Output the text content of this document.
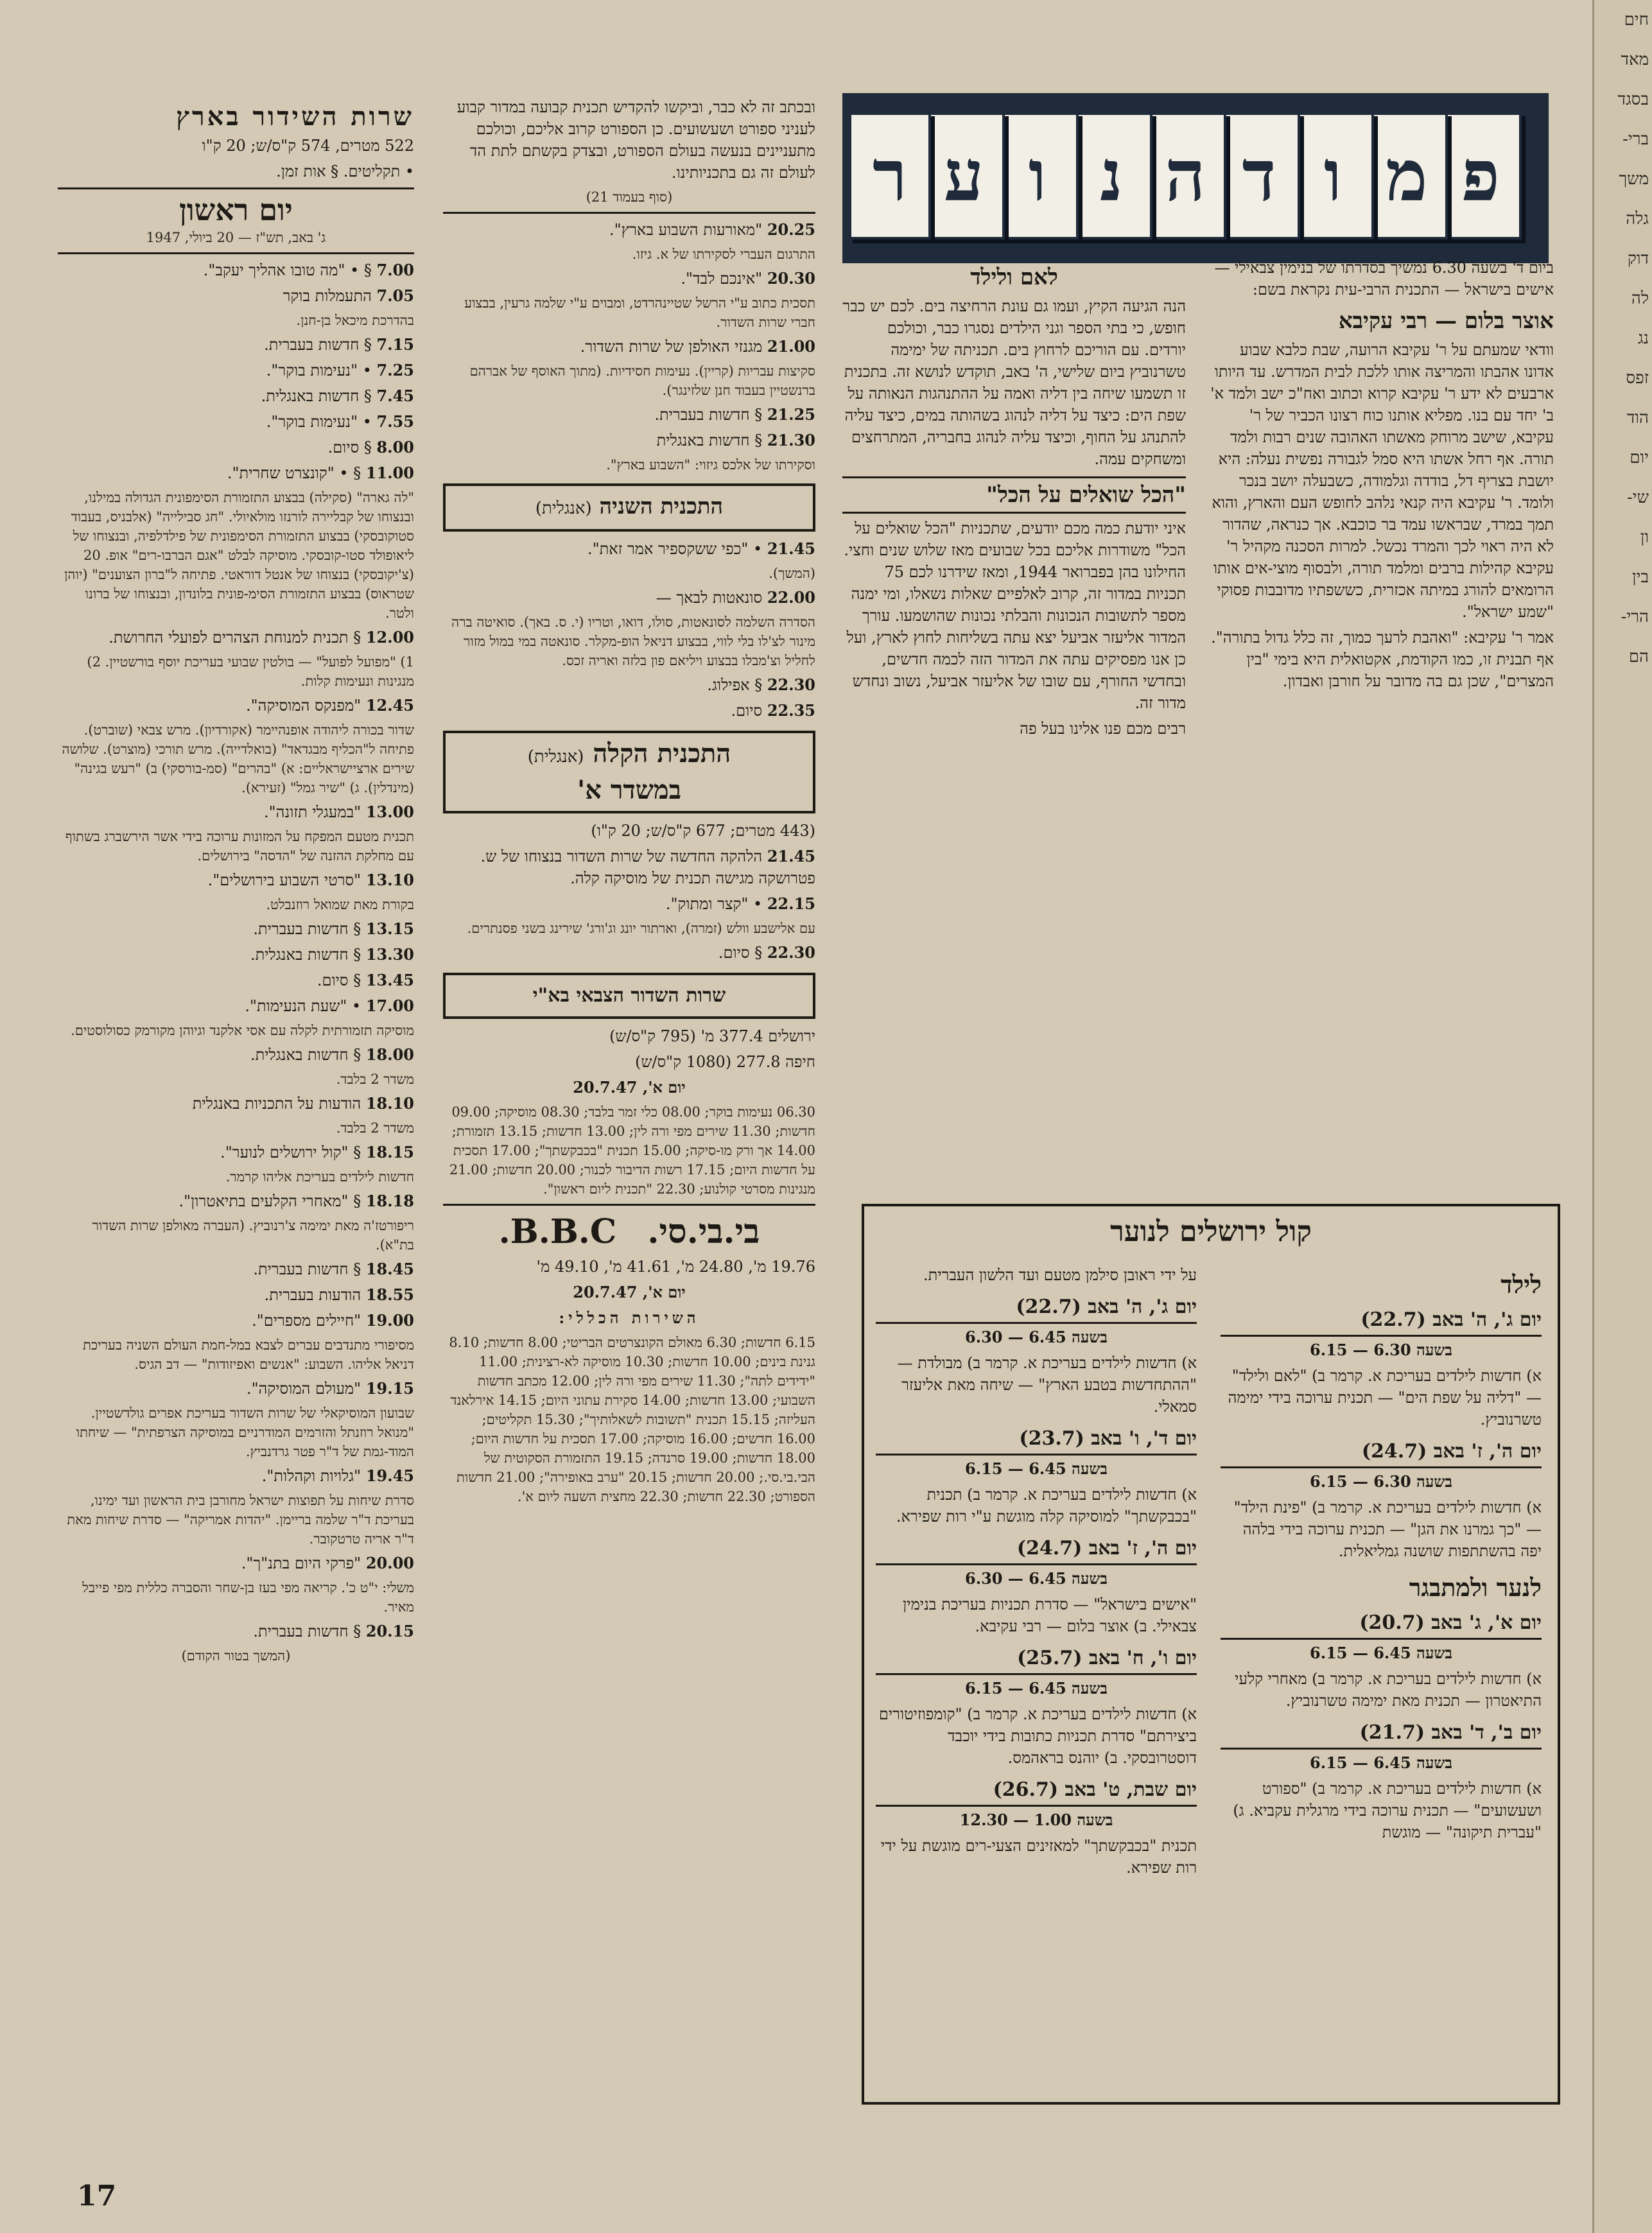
פ
מ
ו
ד
ה
נ
ו
ע
ר
שרות השידור בארץ

522 מטרים, 574 ק"ס/ש; 20 ק"ו

• תקליטים. § אות זמן.

יום ראשון

ג' באב, תש"ז — 20 ביולי, 1947

7.00 § • "מה טובו אהליך יעקב".

7.05 התעמלות בוקר

בהדרכת מיכאל בן-חנן.

7.15 § חדשות בעברית.

7.25 • "נעימות בוקר".

7.45 § חדשות באנגלית.

7.55 • "נעימות בוקר".

8.00 § סיום.

11.00 § • "קונצרט שחרית".

"לה גארה" (סקילה) בבצוע התזמורת הסימפונית הגדולה במילנו, ובנצוחו של קבליירה לורנזו מולאיולי. "חג סבילייה" (אלבניס, בעבוד סטוקובסקי) בבצוע התזמורת הסימפונית של פילדלפיה, ובנצוחו של ליאופולד סטו-קובסקי. מוסיקה לבלט "אגם הברבו-רים" אופ. 20 (צ'יקובסקי) בנצוחו של אנטל דוראטי. פתיחה ל"ברון הצוענים" (יוהן שטראוס) בבצוע התזמורת הסימ-פונית בלונדון, ובנצוחו של ברונו ולטר.

12.00 § תכנית למנוחת הצהרים לפועלי החרושת.

1) "מפועל לפועל" — בולטין שבועי בעריכת יוסף בורשטיין. 2) מנגינות ונעימות קלות.

12.45 "מפנקס המוסיקה".

שדור בכורה ליהודה אופנהיימר (אקורדיון). מרש צבאי (שוברט). פתיחה ל"הכליף מבגדאד" (בואלדייה). מרש תורכי (מוצרט). שלושה שירים ארציישראליים: א) "בהרים" (סמ-בורסקי) ב) "רעש בגינה" (מינדלין). ג) "שיר גמל" (זעירא).

13.00 "במעגלי תזונה".

תכנית מטעם המפקח על המזונות ערוכה בידי אשר הירשברג בשתוף עם מחלקת ההזנה של "הדסה" בירושלים.

13.10 "סרטי השבוע בירושלים".

בקורת מאת שמואל רוזנבלט.

13.15 § חדשות בעברית.

13.30 § חדשות באנגלית.

13.45 § סיום.

17.00 • "שעת הנעימות".

מוסיקה תזמורתית לקלה עם אסי אלקנד וגיוהן מקורמק כסולוסטים.

18.00 § חדשות באנגלית.

משדר 2 בלבד.

18.10 הודעות על התכניות באנגלית

משדר 2 בלבד.

18.15 § "קול ירושלים לנוער".

חדשות לילדים בעריכת אליהו קרמר.

18.18 § "מאחרי הקלעים בתיאטרון".

ריפורטז'ה מאת ימימה צ'רנוביץ. (העברה מאולפן שרות השדור בת"א).

18.45 § חדשות בעברית.

18.55 הודעות בעברית.

19.00 "חיילים מספרים".

מסיפורי מתנדבים עברים לצבא במל-חמת העולם השניה בעריכת דניאל אליהו. השבוע: "אנשים ואפיזודות" — דב הגיס.

19.15 "מעולם המוסיקה".

שבועון המוסיקאלי של שרות השדור בעריכת אפרים גולדשטיין. "מנואל רוזנתל והזרמים המודרניים במוסיקה הצרפתית" — שיחתו המוד-גמת של ד"ר פטר גרדנביץ.

19.45 "גלויות וקהלות".

סדרת שיחות על תפוצות ישראל מחורבן בית הראשון ועד ימינו, בעריכת ד"ר שלמה בריימן. "יהדות אמריקה" — סדרת שיחות מאת ד"ר אריה טרטקובר.

20.00 "פרקי היום בתנ"ך".

משלי: י"ט כ'. קריאה מפי בעז בן-שחר והסברה כללית מפי פייבל מאיר.

20.15 § חדשות בעברית.

(המשך בטור הקודם)

ובכתב זה לא כבר, וביקשו להקדיש תכנית קבועה במדור קבוע לעניני ספורט ושעשועים. כן הספורט קרוב אליכם, וכולכם מתעניינים בנעשה בעולם הספורט, ובצדק בקשתם לתת הד לעולם זה גם בתכניותינו.

(סוף בעמוד 21)

20.25 "מאורעות השבוע בארץ".

התרגום העברי לסקירתו של א. גיזו.

20.30 "אינכם לבד".

תסכית כתוב ע"י הרשל שטיינהרדט, ומבוים ע"י שלמה גרעין, בבצוע חברי שרות השדור.

21.00 מגנזי האולפן של שרות השדור.

סקיצות עבריות (קריין). נעימות חסידיות. (מתוך האוסף של אברהם ברנשטיין בעבוד חנן שלזינגר).

21.25 § חדשות בעברית.

21.30 § חדשות באנגלית

וסקירתו של אלכס גיזוי: "השבוע בארץ".

התכנית השניה (אנגלית)

21.45 • "כפי ששקספיר אמר זאת".

(המשך).

22.00 סונאטות לבאך —

הסדרה השלמה לסונאטות, סולו, דואו, וטריו (י. ס. באך). סואיטה ברה מינור לצ'לו בלי לווי, בבצוע דניאל הופ-מקלר. סונאטה במי במול מזור לחליל וצ'מבלו בבצוע ויליאם פון בלזה ואריה זכס.

22.30 § אפילוג.

22.35 סיום.

התכנית הקלה (אנגלית)
במשדר א'

(443 מטרים; 677 ק"ס/ש; 20 ק"ו)

21.45 הלהקה החדשה של שרות השדור בנצוחו של ש. פטרושקה מגישה תכנית של מוסיקה קלה.

22.15 • "קצר ומתוק".

עם אלישבע וולש (זמרה), וארתור יונג וג'ורג' שירינג בשני פסנתרים.

22.30 § סיום.

שרות השדור הצבאי בא"י

ירושלים 377.4 מ' (795 ק"ס/ש)

חיפה 277.8 (1080 ק"ס/ש)

יום א', 20.7.47

06.30 נעימות בוקר; 08.00 כלי זמר בלבד; 08.30 מוסיקה; 09.00 חדשות; 11.30 שירים מפי ורה לין; 13.00 חדשות; 13.15 תזמורת; 14.00 אך ורק מו-סיקה; 15.00 תכנית "בכבקשתך"; 17.00 תסכית על חדשות היום; 17.15 רשות הדיבור לכנור; 20.00 חדשות; 21.00 מנגינות מסרטי קולנוע; 22.30 "תכנית ליום ראשון".

בי.בי.סי. B.B.C.

19.76 מ', 24.80 מ', 41.61 מ', 49.10 מ'

יום א', 20.7.47

השירות הכללי:

6.15 חדשות; 6.30 מאולם הקונצרטים הבריטי; 8.00 חדשות; 8.10 גנינת בינים; 10.00 חדשות; 10.30 מוסיקה לא-רצינית; 11.00 "ידידים לתה"; 11.30 שירים מפי ורה לין; 12.00 מכתב חדשות השבועי; 13.00 חדשות; 14.00 סקירת עתוני היום; 14.15 אירלאנד העליזה; 15.15 תכנית "תשובות לשאלותיך"; 15.30 תקליטים; 16.00 חדשים; 16.00 מוסיקה; 17.00 תסכית על חדשות היום; 18.00 חדשות; 19.00 סרנדה; 19.15 התזמורת הסקוטית של הבי.בי.סי.; 20.00 חדשות; 20.15 "ערב באופירה"; 21.00 חדשות הספורט; 22.30 חדשות; 22.30 מחצית השעה ליום א'.

לאם ולילד

הנה הגיעה הקיץ, ועמו גם עונת הרחיצה בים. לכם יש כבר חופש, כי בתי הספר וגני הילדים נסגרו כבר, וכולכם יורדים. עם הוריכם לרחוץ בים. תכניתה של ימימה טשרנוביץ ביום שלישי, ה' באב, תוקדש לנושא זה. בתכנית זו תשמעו שיחה בין דליה ואמה על ההתנהגות הנאותה על שפת הים: כיצד על דליה לנהוג בשהותה במים, כיצד עליה להתנהג על החוף, וכיצד עליה לנהוג בחבריה, המתרחצים ומשחקים עמה.

"הכל שואלים על הכל"

איני יודעת כמה מכם יודעים, שתכניות "הכל שואלים על הכל" משודרות אליכם בכל שבועים מאז שלוש שנים וחצי. החילונו בהן בפברואר 1944, ומאז שידרנו לכם 75 תכניות במדור זה, קרוב לאלפיים שאלות נשאלו, ומי ימנה מספר לתשובות הנכונות והבלתי נכונות שהושמעו. עורך המדור אליעזר אביעל יצא עתה בשליחות לחוץ לארץ, ועל כן אנו מפסיקים עתה את המדור הזה לכמה חדשים, ובחדשי החורף, עם שובו של אליעזר אביעל, נשוב ונחדש מדור זה.

רבים מכם פנו אלינו בעל פה

ביום ד' בשעה 6.30 נמשיך בסדרתו של בנימין צבאילי — אישים בישראל — התכנית הרבי-עית נקראת בשם:

אוצר בלום — רבי עקיבא

וודאי שמעתם על ר' עקיבא הרועה, שבת כלבא שבוע אדונו אהבתו והמריצה אותו ללכת לבית המדרש. עד היותו ארבעים לא ידע ר' עקיבא קרוא וכתוב ואח"כ ישב ולמד א' ב' יחד עם בנו. מפליא אותנו כוח רצונו הכביר של ר' עקיבא, שישב מרוחק מאשתו האהובה שנים רבות ולמד תורה. אף רחל אשתו היא סמל לגבורה נפשית נעלה: היא יושבת בצריף דל, בודדה וגלמודה, כשבעלה יושב בנכר ולומד. ר' עקיבא היה קנאי נלהב לחופש העם והארץ, והוא תמך במרד, שבראשו עמד בר כוכבא. אך כנראה, שהדור לא היה ראוי לכך והמרד נכשל. למרות הסכנה מקהיל ר' עקיבא קהילות ברבים ומלמד תורה, ולבסוף מוצי-אים אותו הרומאים להורג במיתה אכזרית, כששפתיו מדובבות פסוקי "שמע ישראל".

אמר ר' עקיבא: "ואהבת לרעך כמוך, זה כלל גדול בתורה". אף תבנית זו, כמו הקודמת, אקטואלית היא בימי "בין המצרים", שכן גם בה מדובר על חורבן ואבדון.

קול ירושלים לנוער

על ידי ראובן סילמן מטעם ועד הלשון העברית.

יום ג', ה' באב (22.7)

בשעה 6.45 — 6.30

א) חדשות לילדים בעריכת א. קרמר ב) מבולדת — "ההתחדשות בטבע הארץ" — שיחה מאת אליעזר סמאלי.

יום ד', ו' באב (23.7)

בשעה 6.45 — 6.15

א) חדשות לילדים בעריכת א. קרמר ב) תכנית "בכבקשתך" למוסיקה קלה מוגשת ע"י רות שפירא.

יום ה', ז' באב (24.7)

בשעה 6.45 — 6.30

"אישים בישראל" — סדרת תכניות בעריכת בנימין צבאילי. ב) אוצר בלום — רבי עקיבא.

יום ו', ח' באב (25.7)

בשעה 6.45 — 6.15

א) חדשות לילדים בעריכת א. קרמר ב) "קומפוזיטורים ביצירתם" סדרת תכניות כתובות בידי יוכבד דוסטרובסקי. ב) יוהנס בראהמס.

יום שבת, ט' באב (26.7)

בשעה 1.00 — 12.30

תכנית "בכבקשתך" למאזינים הצעי-רים מוגשת על ידי רות שפירא.

לילד
יום ג', ה' באב (22.7)

בשעה 6.30 — 6.15

א) חדשות לילדים בעריכת א. קרמר ב) "לאם ולילד" — "דליה על שפת הים" — תכנית ערוכה בידי ימימה טשרנוביץ.

יום ה', ז' באב (24.7)

בשעה 6.30 — 6.15

א) חדשות לילדים בעריכת א. קרמר ב) "פינת הילד" — "כך גמרנו את הגן" — תכנית ערוכה בידי בלהה יפה בהשתתפות שושנה גמליאלית.

לנער ולמתבגר
יום א', ג' באב (20.7)

בשעה 6.45 — 6.15

א) חדשות לילדים בעריכת א. קרמר ב) מאחרי קלעי התיאטרון — תכנית מאת ימימה טשרנוביץ.

יום ב', ד' באב (21.7)

בשעה 6.45 — 6.15

א) חדשות לילדים בעריכת א. קרמר ב) "ספורט ושעשועים" — תכנית ערוכה בידי מרגלית עקביא. ג) "עברית תיקונה" — מוגשת

17
חים
מאד
בסגד
ברי-
משך
גלה
דוק
לה
נג
זפס
הוד
יום
שי-
ון
בין
הרי-
הם
